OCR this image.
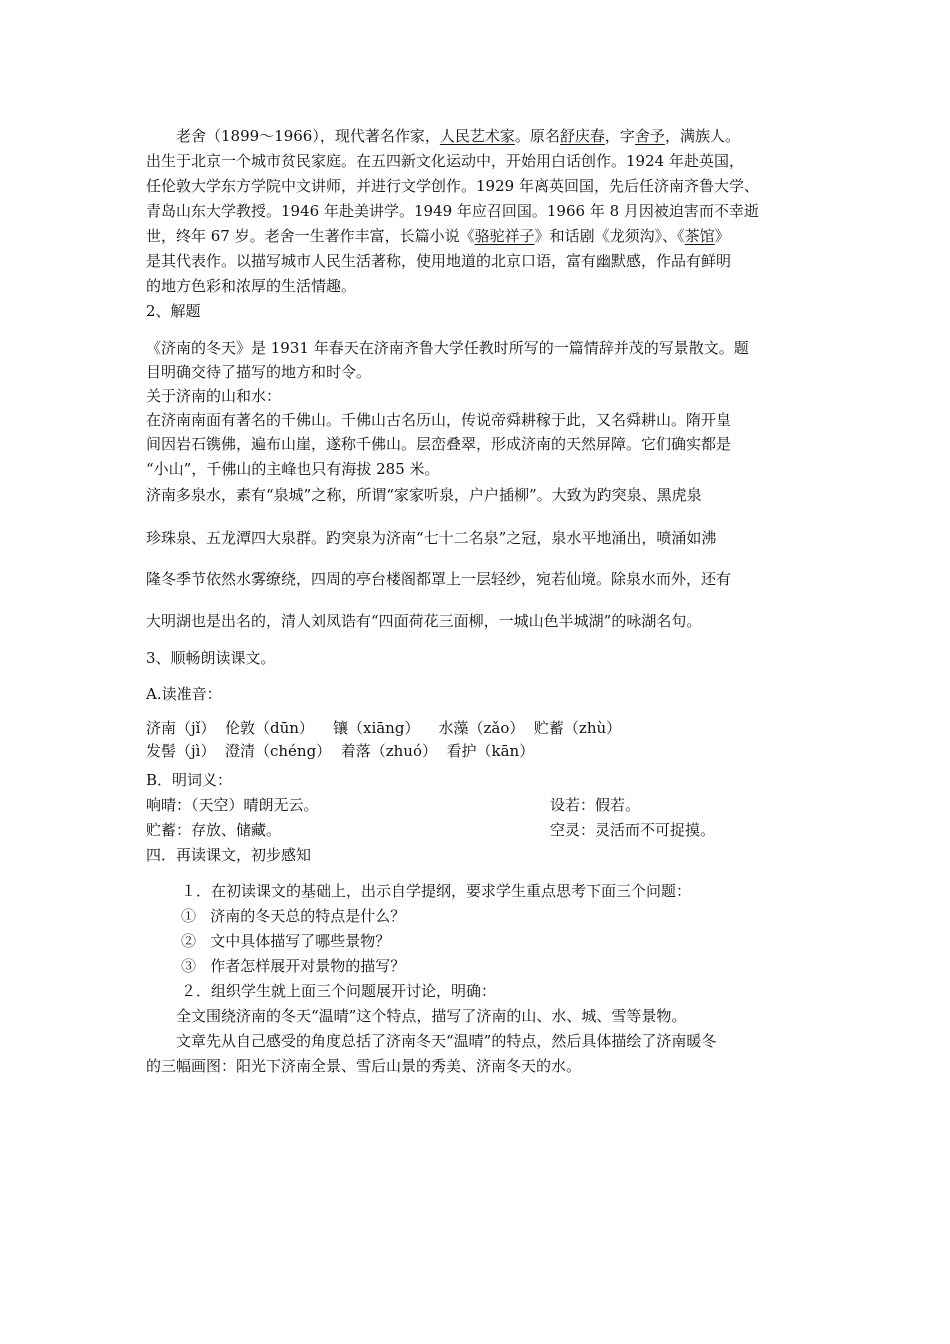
老舍（1899～1966），现代著名作家，人民艺术家。原名舒庆春，字舍予，满族人。
出生于北京一个城市贫民家庭。在五四新文化运动中，开始用白话创作。1924 年赴英国，
任伦敦大学东方学院中文讲师，并进行文学创作。1929 年离英回国，先后任济南齐鲁大学、
青岛山东大学教授。1946 年赴美讲学。1949 年应召回国。1966 年 8 月因被迫害而不幸逝
世，终年 67 岁。老舍一生著作丰富，长篇小说《骆驼祥子》和话剧《龙须沟》、《茶馆》
是其代表作。以描写城市人民生活著称，使用地道的北京口语，富有幽默感，作品有鲜明
的地方色彩和浓厚的生活情趣。
2、解题
《济南的冬天》是 1931 年春天在济南齐鲁大学任教时所写的一篇情辞并茂的写景散文。题
目明确交待了描写的地方和时令。
关于济南的山和水：
在济南南面有著名的千佛山。千佛山古名历山，传说帝舜耕稼于此，又名舜耕山。隋开皇
间因岩石镌佛，遍布山崖，遂称千佛山。层峦叠翠，形成济南的天然屏障。它们确实都是
“小山”，千佛山的主峰也只有海拔 285 米。
济南多泉水，素有“泉城”之称，所谓“家家听泉，户户插柳”。大致为趵突泉、黑虎泉
珍珠泉、五龙潭四大泉群。趵突泉为济南“七十二名泉”之冠，泉水平地涌出，喷涌如沸
隆冬季节依然水雾缭绕，四周的亭台楼阁都罩上一层轻纱，宛若仙境。除泉水而外，还有
大明湖也是出名的，清人刘凤诰有“四面荷花三面柳，一城山色半城湖”的咏湖名句。
3、顺畅朗读课文。
A.读准音：
济南（jǐ）  伦敦（dūn）    镶（xiāng）    水藻（zǎo）  贮蓄（zhù）
发髻（jì）  澄清（chéng）  着落（zhuó）  看护（kān）
B．明词义：
响晴：（天空）晴朗无云。	设若：假若。
贮蓄：存放、储藏。	空灵：灵活而不可捉摸。
四．再读课文，初步感知
１．在初读课文的基础上，出示自学提纲，要求学生重点思考下面三个问题：
①   济南的冬天总的特点是什么？
②   文中具体描写了哪些景物？
③   作者怎样展开对景物的描写？
２．组织学生就上面三个问题展开讨论，明确：
全文围绕济南的冬天“温晴”这个特点，描写了济南的山、水、城、雪等景物。
文章先从自己感受的角度总括了济南冬天“温晴”的特点，然后具体描绘了济南暖冬
的三幅画图：阳光下济南全景、雪后山景的秀美、济南冬天的水。
